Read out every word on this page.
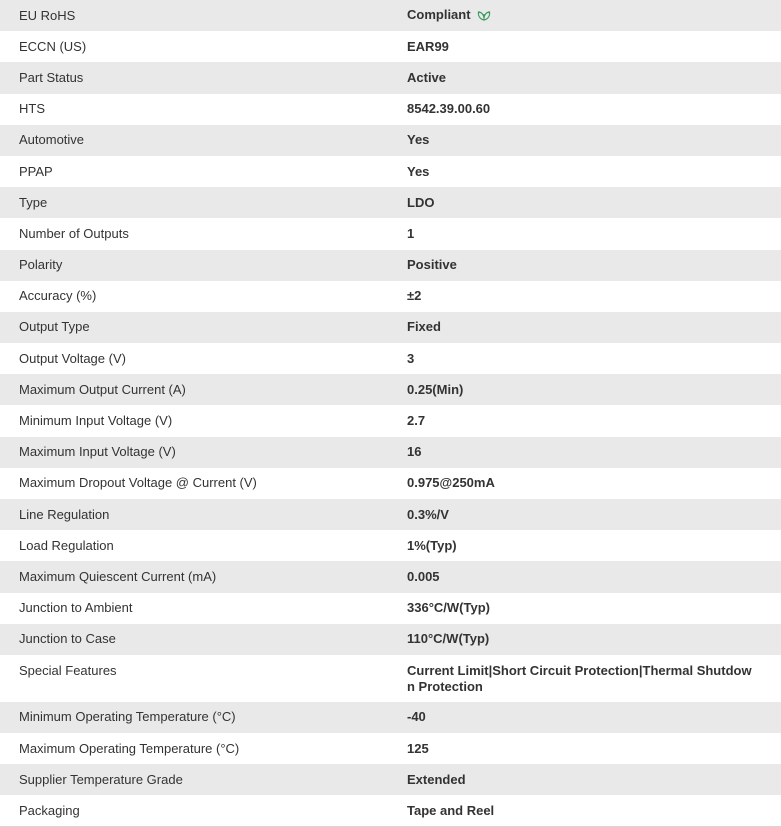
EU RoHS	Compliant
ECCN (US)	EAR99
Part Status	Active
HTS	8542.39.00.60
Automotive	Yes
PPAP	Yes
Type	LDO
Number of Outputs	1
Polarity	Positive
Accuracy (%)	±2
Output Type	Fixed
Output Voltage (V)	3
Maximum Output Current (A)	0.25(Min)
Minimum Input Voltage (V)	2.7
Maximum Input Voltage (V)	16
Maximum Dropout Voltage @ Current (V)	0.975@250mA
Line Regulation	0.3%/V
Load Regulation	1%(Typ)
Maximum Quiescent Current (mA)	0.005
Junction to Ambient	336°C/W(Typ)
Junction to Case	110°C/W(Typ)
Special Features	Current Limit|Short Circuit Protection|Thermal Shutdown Protection
Minimum Operating Temperature (°C)	-40
Maximum Operating Temperature (°C)	125
Supplier Temperature Grade	Extended
Packaging	Tape and Reel
